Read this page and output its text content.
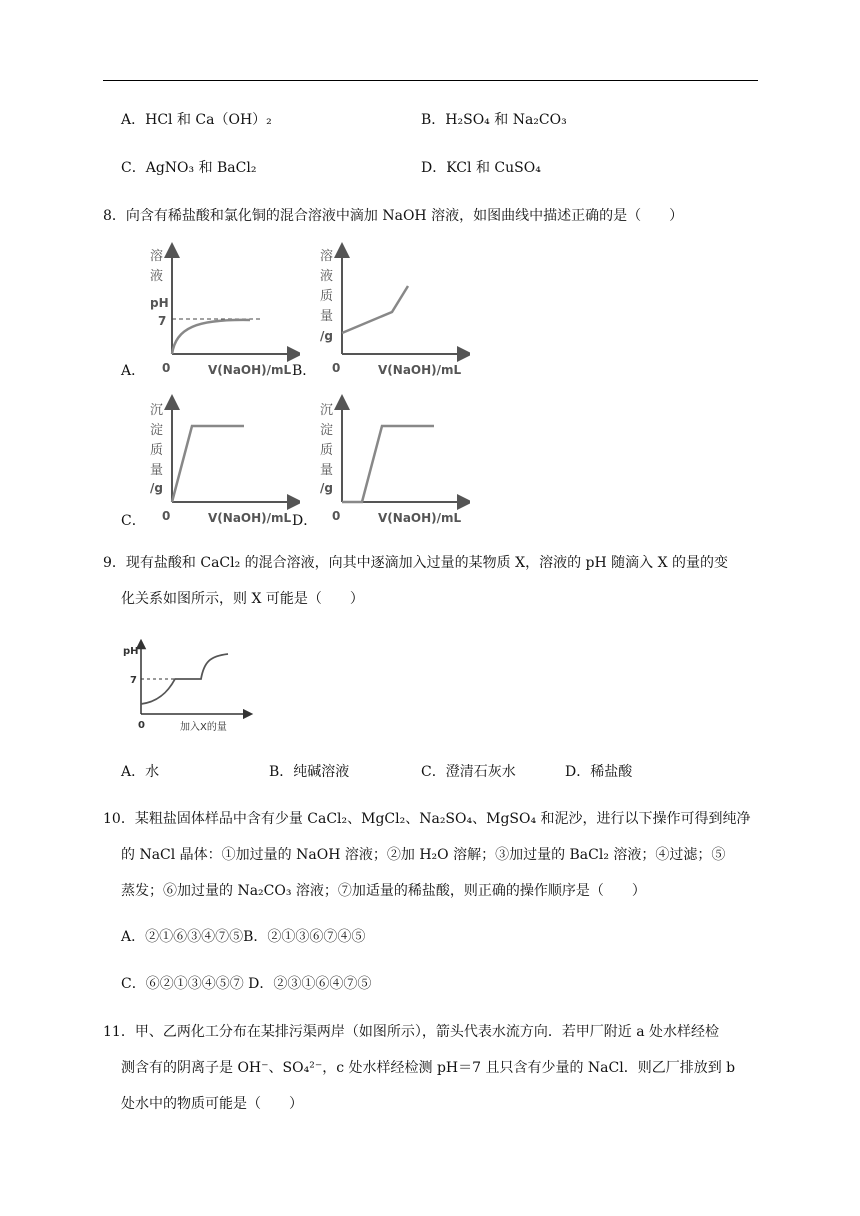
A．HCl 和 Ca（OH）₂	B．H₂SO₄ 和 Na₂CO₃
C．AgNO₃ 和 BaCl₂	D．KCl 和 CuSO₄
8．向含有稀盐酸和氯化铜的混合溶液中滴加 NaOH 溶液，如图曲线中描述正确的是（　　）
A．	B．
C．	D．
溶
液
pH
7
0	V(NaOH)/mL
溶
液
质
量
/g
0	V(NaOH)/mL
沉
淀
质
量
/g
0	V(NaOH)/mL
沉
淀
质
量
/g
0	V(NaOH)/mL
9．现有盐酸和 CaCl₂ 的混合溶液，向其中逐滴加入过量的某物质 X，溶液的 pH 随滴入 X 的量的变
化关系如图所示，则 X 可能是（　　）
pH
7
0	加入X的量
A．水	B．纯碱溶液	C．澄清石灰水	D．稀盐酸
10．某粗盐固体样品中含有少量 CaCl₂、MgCl₂、Na₂SO₄、MgSO₄ 和泥沙，进行以下操作可得到纯净
的 NaCl 晶体：①加过量的 NaOH 溶液；②加 H₂O 溶解；③加过量的 BaCl₂ 溶液；④过滤；⑤
蒸发；⑥加过量的 Na₂CO₃ 溶液；⑦加适量的稀盐酸，则正确的操作顺序是（　　）
A．②①⑥③④⑦⑤B．②①③⑥⑦④⑤
C．⑥②①③④⑤⑦ D．②③①⑥④⑦⑤
11．甲、乙两化工分布在某排污渠两岸（如图所示），箭头代表水流方向．若甲厂附近 a 处水样经检
测含有的阴离子是 OH⁻、SO₄²⁻，c 处水样经检测 pH＝7 且只含有少量的 NaCl．则乙厂排放到 b
处水中的物质可能是（　　）
